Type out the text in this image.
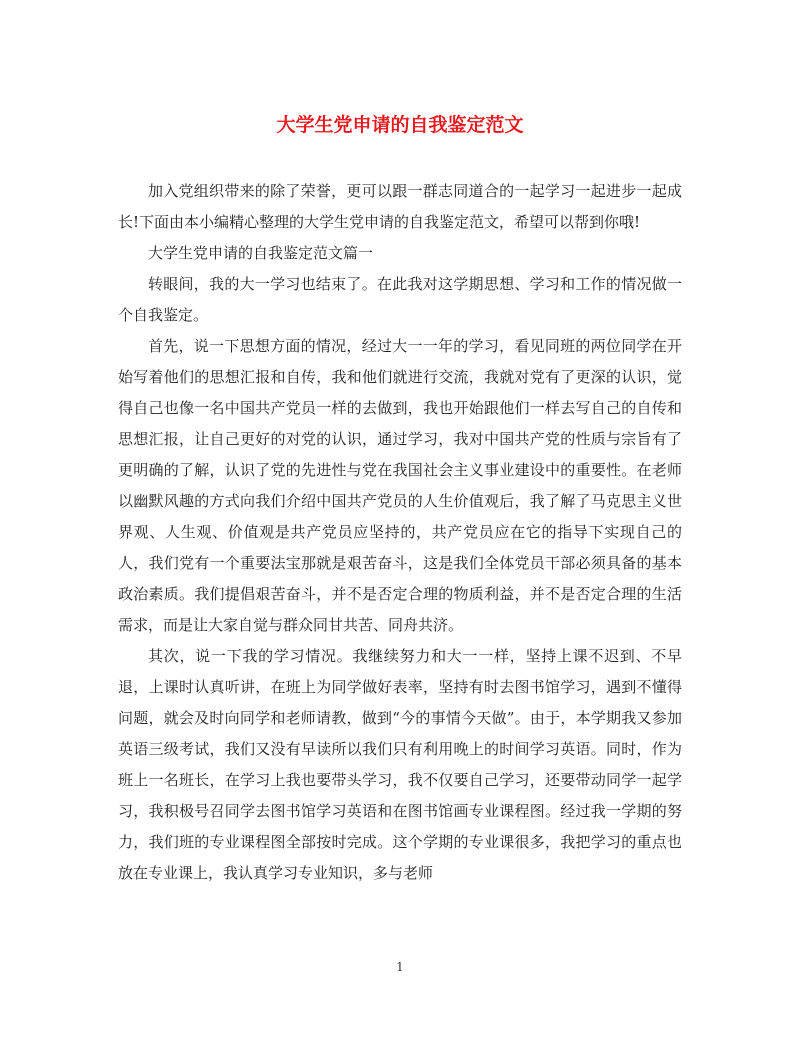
大学生党申请的自我鉴定范文

加入党组织带来的除了荣誉，更可以跟一群志同道合的一起学习一起进步一起成长!下面由本小编精心整理的大学生党申请的自我鉴定范文，希望可以帮到你哦!

大学生党申请的自我鉴定范文篇一

转眼间，我的大一学习也结束了。在此我对这学期思想、学习和工作的情况做一个自我鉴定。

首先，说一下思想方面的情况，经过大一一年的学习，看见同班的两位同学在开始写着他们的思想汇报和自传，我和他们就进行交流，我就对党有了更深的认识，觉得自己也像一名中国共产党员一样的去做到，我也开始跟他们一样去写自己的自传和思想汇报，让自己更好的对党的认识，通过学习，我对中国共产党的性质与宗旨有了更明确的了解，认识了党的先进性与党在我国社会主义事业建设中的重要性。在老师以幽默风趣的方式向我们介绍中国共产党员的人生价值观后，我了解了马克思主义世界观、人生观、价值观是共产党员应坚持的，共产党员应在它的指导下实现自己的人，我们党有一个重要法宝那就是艰苦奋斗，这是我们全体党员干部必须具备的基本政治素质。我们提倡艰苦奋斗，并不是否定合理的物质利益，并不是否定合理的生活需求，而是让大家自觉与群众同甘共苦、同舟共济。

其次，说一下我的学习情况。我继续努力和大一一样，坚持上课不迟到、不早退，上课时认真听讲，在班上为同学做好表率，坚持有时去图书馆学习，遇到不懂得问题，就会及时向同学和老师请教，做到“今的事情今天做”。由于，本学期我又参加英语三级考试，我们又没有早读所以我们只有利用晚上的时间学习英语。同时，作为班上一名班长，在学习上我也要带头学习，我不仅要自己学习，还要带动同学一起学习，我积极号召同学去图书馆学习英语和在图书馆画专业课程图。经过我一学期的努力，我们班的专业课程图全部按时完成。这个学期的专业课很多，我把学习的重点也放在专业课上，我认真学习专业知识，多与老师

1
